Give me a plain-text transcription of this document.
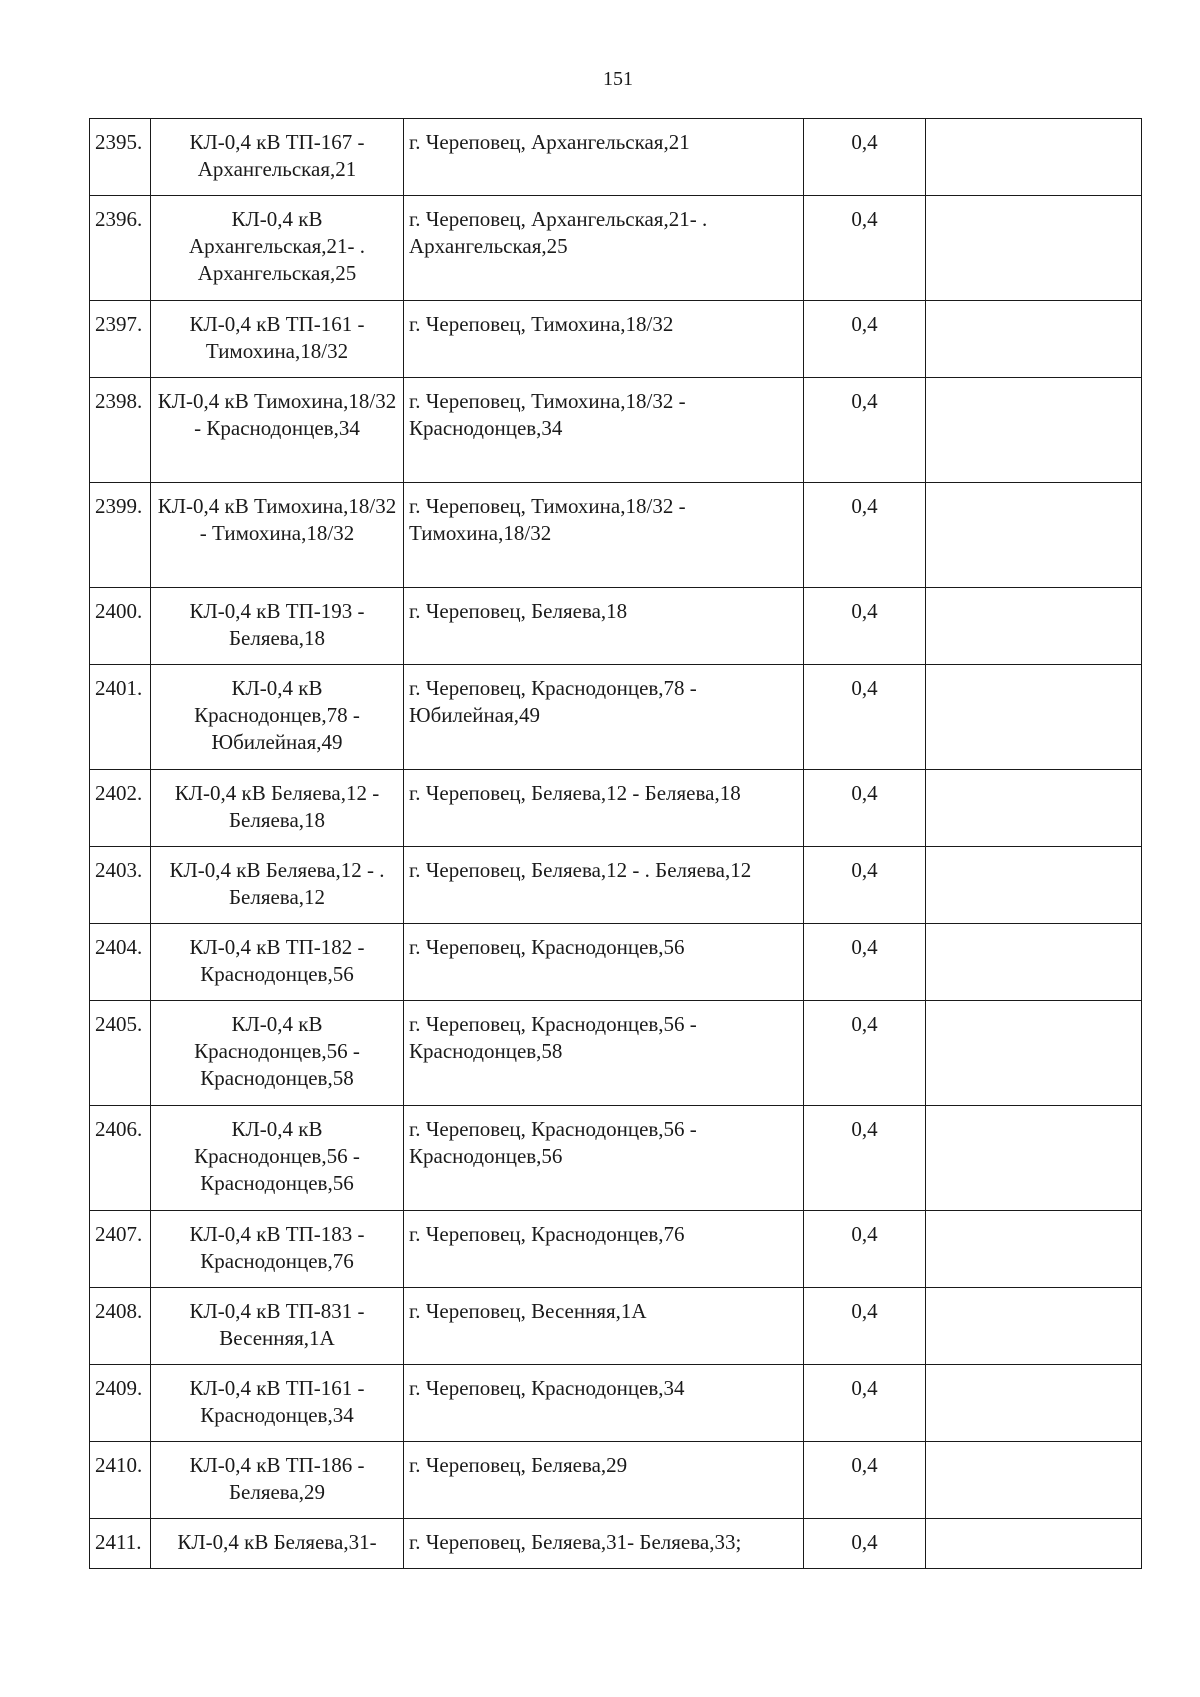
151
2395.	КЛ-0,4 кВ ТП-167 - Архангельская,21	г. Череповец, Архангельская,21	0,4	
2396.	КЛ-0,4 кВ Архангельская,21- . Архангельская,25	г. Череповец, Архангельская,21- . Архангельская,25	0,4	
2397.	КЛ-0,4 кВ ТП-161 - Тимохина,18/32	г. Череповец, Тимохина,18/32	0,4	
2398.	КЛ-0,4 кВ Тимохина,18/32 - Краснодонцев,34	г. Череповец, Тимохина,18/32 - Краснодонцев,34	0,4	
2399.	КЛ-0,4 кВ Тимохина,18/32 - Тимохина,18/32	г. Череповец, Тимохина,18/32 - Тимохина,18/32	0,4	
2400.	КЛ-0,4 кВ ТП-193 - Беляева,18	г. Череповец, Беляева,18	0,4	
2401.	КЛ-0,4 кВ Краснодонцев,78 - Юбилейная,49	г. Череповец, Краснодонцев,78 - Юбилейная,49	0,4	
2402.	КЛ-0,4 кВ Беляева,12 - Беляева,18	г. Череповец, Беляева,12 - Беляева,18	0,4	
2403.	КЛ-0,4 кВ Беляева,12 - . Беляева,12	г. Череповец, Беляева,12 - . Беляева,12	0,4	
2404.	КЛ-0,4 кВ ТП-182 - Краснодонцев,56	г. Череповец, Краснодонцев,56	0,4	
2405.	КЛ-0,4 кВ Краснодонцев,56 - Краснодонцев,58	г. Череповец, Краснодонцев,56 - Краснодонцев,58	0,4	
2406.	КЛ-0,4 кВ Краснодонцев,56 - Краснодонцев,56	г. Череповец, Краснодонцев,56 - Краснодонцев,56	0,4	
2407.	КЛ-0,4 кВ ТП-183 - Краснодонцев,76	г. Череповец, Краснодонцев,76	0,4	
2408.	КЛ-0,4 кВ ТП-831 - Весенняя,1А	г. Череповец, Весенняя,1А	0,4	
2409.	КЛ-0,4 кВ ТП-161 - Краснодонцев,34	г. Череповец, Краснодонцев,34	0,4	
2410.	КЛ-0,4 кВ ТП-186 - Беляева,29	г. Череповец, Беляева,29	0,4	
2411.	КЛ-0,4 кВ Беляева,31-	г. Череповец, Беляева,31- Беляева,33;	0,4	
